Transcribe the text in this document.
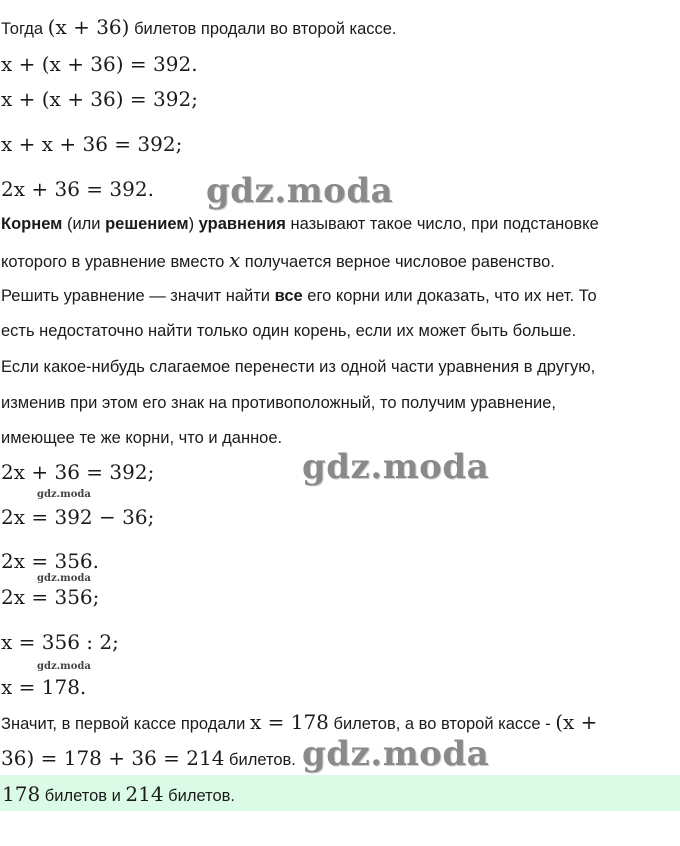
Тогда (x + 36) билетов продали во второй кассе.
x + (x + 36) = 392.
x + (x + 36) = 392;
x + x + 36 = 392;
2x + 36 = 392. gdz.moda
Корнем (или решением) уравнения называют такое число, при подстановке
которого в уравнение вместо x получается верное числовое равенство.
Решить уравнение — значит найти все его корни или доказать, что их нет. То
есть недостаточно найти только один корень, если их может быть больше.
Если какое-нибудь слагаемое перенести из одной части уравнения в другую,
изменив при этом его знак на противоположный, то получим уравнение,
имеющее те же корни, что и данное.
2x + 36 = 392;	gdz.moda
gdz.moda
2x = 392 − 36;
2x = 356.
gdz.moda
2x = 356;
x = 356 : 2;
gdz.moda
x = 178.
Значит, в первой кассе продали x = 178 билетов, а во второй кассе - (x +
36) = 178 + 36 = 214 билетов. gdz.moda
178 билетов и 214 билетов.
